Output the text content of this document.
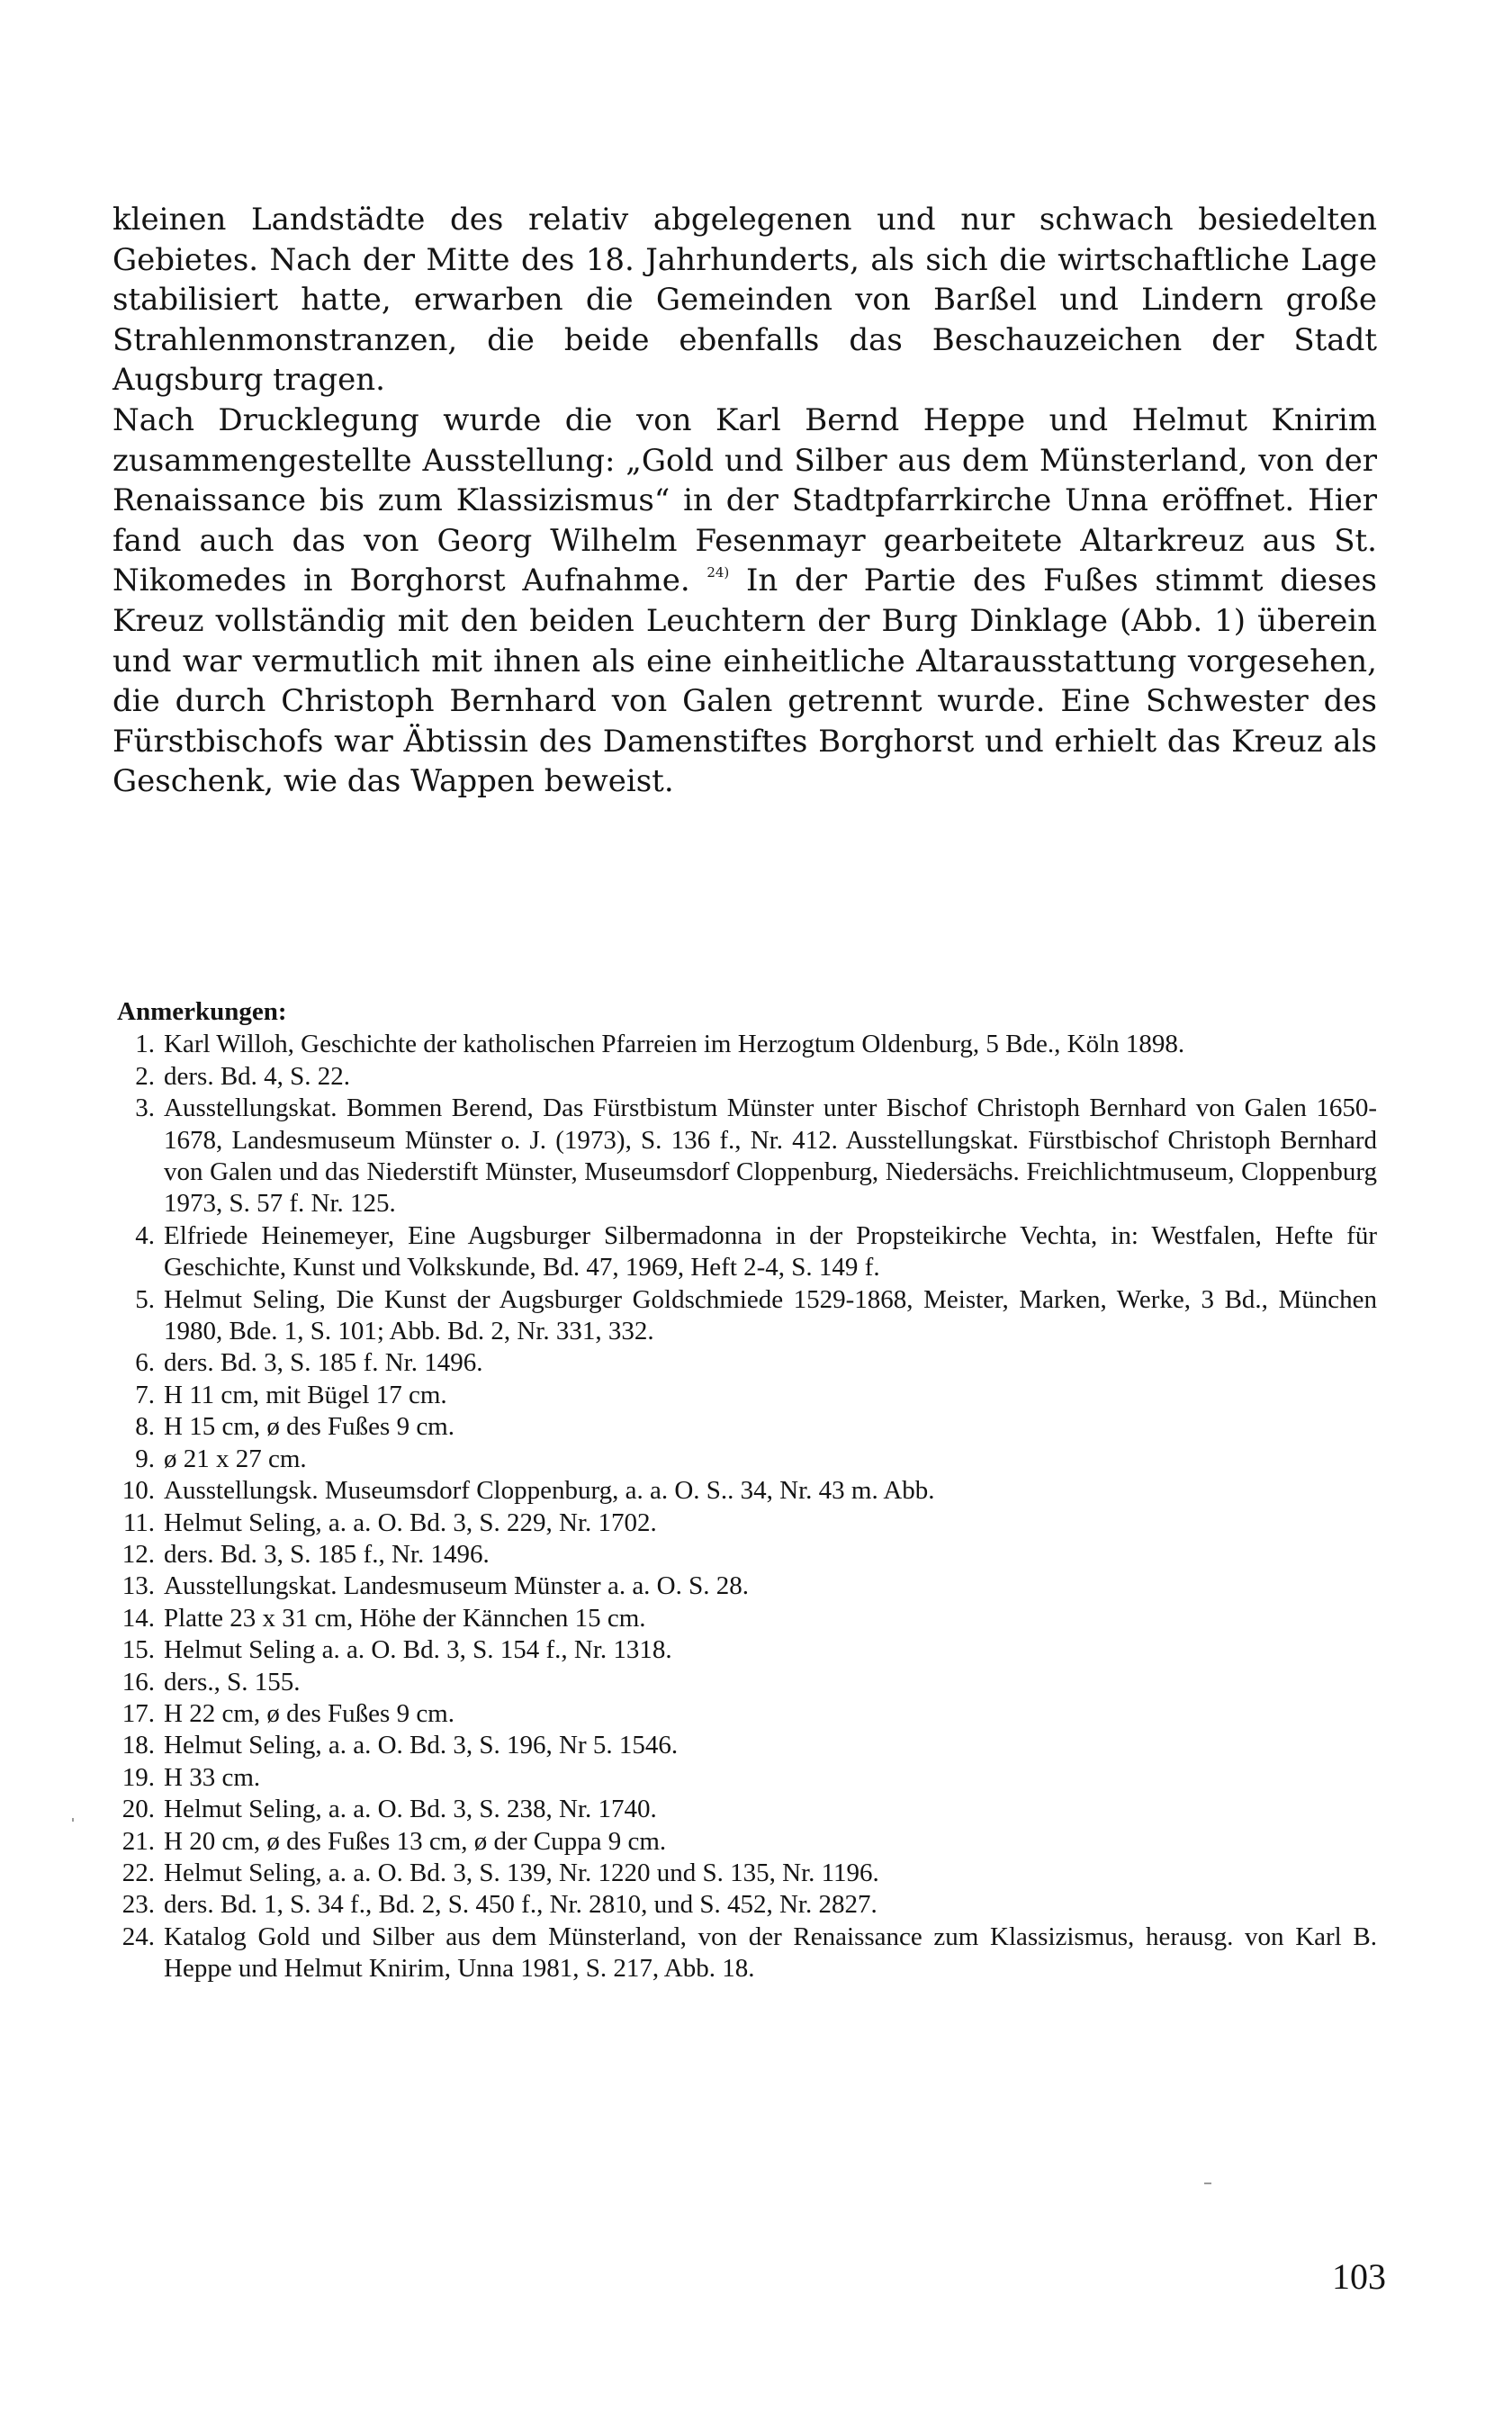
kleinen Landstädte des relativ abgelegenen und nur schwach besiedelten Gebietes. Nach der Mitte des 18. Jahrhunderts, als sich die wirtschaftliche Lage stabilisiert hatte, erwarben die Gemeinden von Barßel und Lindern große Strahlenmonstranzen, die beide ebenfalls das Beschauzeichen der Stadt Augsburg tragen.

Nach Drucklegung wurde die von Karl Bernd Heppe und Helmut Knirim zusammengestellte Ausstellung: „Gold und Silber aus dem Münsterland, von der Renaissance bis zum Klassizismus“ in der Stadtpfarrkirche Unna eröffnet. Hier fand auch das von Georg Wilhelm Fesenmayr gearbeitete Altarkreuz aus St. Nikomedes in Borghorst Aufnahme. $^{24)}$ In der Partie des Fußes stimmt dieses Kreuz vollständig mit den beiden Leuchtern der Burg Dinklage (Abb. 1) überein und war vermutlich mit ihnen als eine einheitliche Altarausstattung vorgesehen, die durch Christoph Bernhard von Galen getrennt wurde. Eine Schwester des Fürstbischofs war Äbtissin des Damenstiftes Borghorst und erhielt das Kreuz als Geschenk, wie das Wappen beweist.

Anmerkungen:
1. Karl Willoh, Geschichte der katholischen Pfarreien im Herzogtum Oldenburg, 5 Bde., Köln 1898.
2. ders. Bd. 4, S. 22.
3. Ausstellungskat. Bommen Berend, Das Fürstbistum Münster unter Bischof Christoph Bernhard von Galen 1650-1678, Landesmuseum Münster o. J. (1973), S. 136 f., Nr. 412. Ausstellungskat. Fürstbischof Christoph Bernhard von Galen und das Niederstift Münster, Museumsdorf Cloppenburg, Niedersächs. Freichlichtmuseum, Cloppenburg 1973, S. 57 f. Nr. 125.
4. Elfriede Heinemeyer, Eine Augsburger Silbermadonna in der Propsteikirche Vechta, in: Westfalen, Hefte für Geschichte, Kunst und Volkskunde, Bd. 47, 1969, Heft 2-4, S. 149 f.
5. Helmut Seling, Die Kunst der Augsburger Goldschmiede 1529-1868, Meister, Marken, Werke, 3 Bd., München 1980, Bde. 1, S. 101; Abb. Bd. 2, Nr. 331, 332.
6. ders. Bd. 3, S. 185 f. Nr. 1496.
7. H 11 cm, mit Bügel 17 cm.
8. H 15 cm, ø des Fußes 9 cm.
9. ø 21 x 27 cm.
10. Ausstellungsk. Museumsdorf Cloppenburg, a. a. O. S.. 34, Nr. 43 m. Abb.
11. Helmut Seling, a. a. O. Bd. 3, S. 229, Nr. 1702.
12. ders. Bd. 3, S. 185 f., Nr. 1496.
13. Ausstellungskat. Landesmuseum Münster a. a. O. S. 28.
14. Platte 23 x 31 cm, Höhe der Kännchen 15 cm.
15. Helmut Seling a. a. O. Bd. 3, S. 154 f., Nr. 1318.
16. ders., S. 155.
17. H 22 cm, ø des Fußes 9 cm.
18. Helmut Seling, a. a. O. Bd. 3, S. 196, Nr 5. 1546.
19. H 33 cm.
20. Helmut Seling, a. a. O. Bd. 3, S. 238, Nr. 1740.
21. H 20 cm, ø des Fußes 13 cm, ø der Cuppa 9 cm.
22. Helmut Seling, a. a. O. Bd. 3, S. 139, Nr. 1220 und S. 135, Nr. 1196.
23. ders. Bd. 1, S. 34 f., Bd. 2, S. 450 f., Nr. 2810, und S. 452, Nr. 2827.
24. Katalog Gold und Silber aus dem Münsterland, von der Renaissance zum Klassizismus, herausg. von Karl B. Heppe und Helmut Knirim, Unna 1981, S. 217, Abb. 18.
103
